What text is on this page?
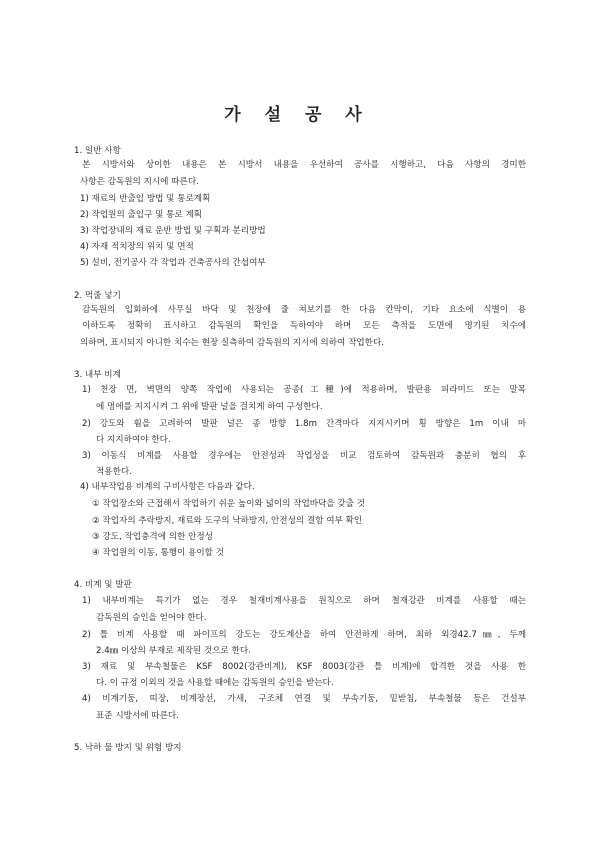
가 설 공 사
1. 일반 사항
본 시방서와 상이한 내용은 본 시방서 내용을 우선하여 공사를 시행하고, 다음 사항의 경미한
사항은 감독원의 지시에 따른다.
1) 재료의 반출입 방법 및 통로계획
2) 작업원의 출입구 및 통로 계획
3) 작업장내의 재료 운반 방법 및 구획과 분리방법
4) 자재 적치장의 위치 및 면적
5) 설비, 전기공사 각 작업과 건축공사의 간섭여부
2. 먹줄 넣기
감독원의 입회하에 사무실 바닥 및 천장에 줄 쳐보기를 한 다음 칸막이, 기타 요소에 식별이 용
이하도록 정확히 표시하고 감독원의 확인을 득하여야 하며 모든 측적을 도면에 명기된 치수에
의하며, 표시되지 아니한 치수는 현장 실측하여 감독원의 지시에 의하여 작업한다.
3. 내부 비계
1) 천장 면, 벽면의 양쪽 작업에 사용되는 공종(工種)에 적용하며, 발판용 피라미드 또는 말목
에 멍에를 지지시켜 그 위에 발판 널을 걸치게 하여 구성한다.
2) 강도와 휨을 고려하여 발판 널은 종 방향 1.8m 간격마다 지지시키며 횡 방향은 1m 이내 마
다 지지하여야 한다.
3) 이동식 비계를 사용할 경우에는 안전성과 작업성을 비교 검토하여 감독원과 충분히 협의 후
적용한다.
4) 내부작업용 비계의 구비사항은 다음과 같다.
① 작업장소와 근접해서 작업하기 쉬운 높이와 넓이의 작업바닥을 갖출 것
② 작업자의 추락방지, 재료와 도구의 낙하방지, 안전성의 결함 여부 확인
③ 강도, 작업충격에 의한 안정성
④ 작업원의 이동, 통행이 용이할 것
4. 비계 및 발판
1) 내부비계는 특기가 없는 경우 철재비계사용을 원칙으로 하며 철재강관 비계를 사용할 때는
감독원의 승인을 얻어야 한다.
2) 틀 비계 사용할 때 파이프의 강도는 강도계산을 하여 안전하게 하며, 최하 외경42.7㎜, 두께
2.4㎜ 이상의 부재로 제작된 것으로 한다.
3) 재료 및 부속철물은 KSF 8002(강관비계), KSF 8003(강관 틀 비계)에 합격한 것을 사용 한
다. 이 규정 이외의 것을 사용할 때에는 감독원의 승인을 받는다.
4) 비계기둥, 띠장, 비계장선, 가새, 구조체 연결 및 부속기둥, 밑받침, 부속철물 등은 건설부
표준 시방서에 따른다.
5. 낙하 물 방지 및 위험 방지
